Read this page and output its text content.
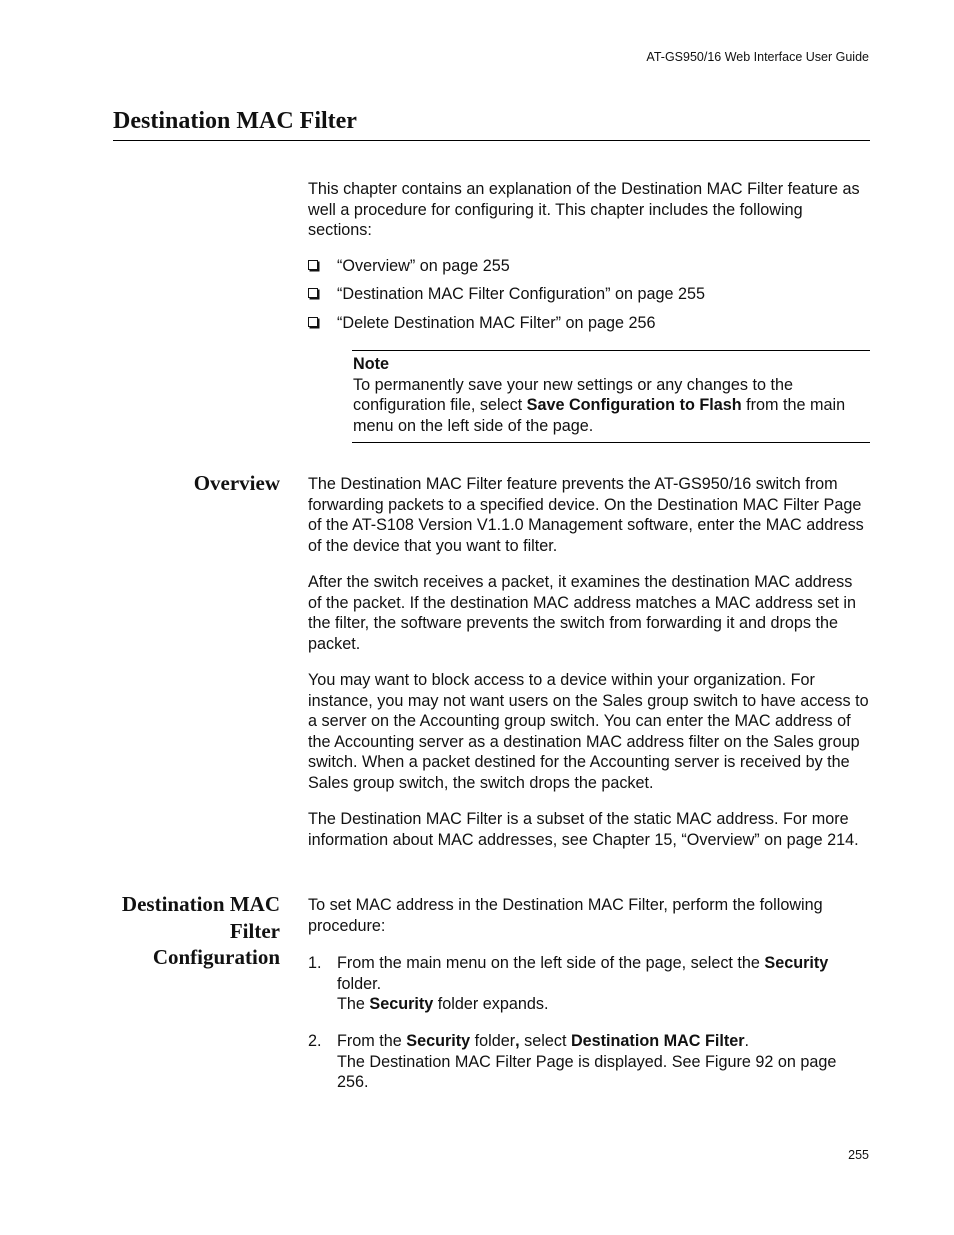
AT-GS950/16 Web Interface User Guide
Destination MAC Filter

This chapter contains an explanation of the Destination MAC Filter feature as well a procedure for configuring it. This chapter includes the following sections:

“Overview” on page 255
“Destination MAC Filter Configuration” on page 255
“Delete Destination MAC Filter” on page 256
Note
To permanently save your new settings or any changes to the configuration file, select Save Configuration to Flash from the main menu on the left side of the page.
Overview The Destination MAC Filter feature prevents the AT-GS950/16 switch from forwarding packets to a specified device. On the Destination MAC Filter Page of the AT-S108 Version V1.1.0 Management software, enter the MAC address of the device that you want to filter.

After the switch receives a packet, it examines the destination MAC address of the packet. If the destination MAC address matches a MAC address set in the filter, the software prevents the switch from forwarding it and drops the packet.

You may want to block access to a device within your organization. For instance, you may not want users on the Sales group switch to have access to a server on the Accounting group switch. You can enter the MAC address of the Accounting server as a destination MAC address filter on the Sales group switch. When a packet destined for the Accounting server is received by the Sales group switch, the switch drops the packet.

The Destination MAC Filter is a subset of the static MAC address. For more information about MAC addresses, see Chapter 15, “Overview” on page 214.

Destination MAC
Filter
Configuration

To set MAC address in the Destination MAC Filter, perform the following procedure:

1. From the main menu on the left side of the page, select the Security folder.
The Security folder expands.
2. From the Security folder, select Destination MAC Filter.
The Destination MAC Filter Page is displayed. See Figure 92 on page 256.
255
